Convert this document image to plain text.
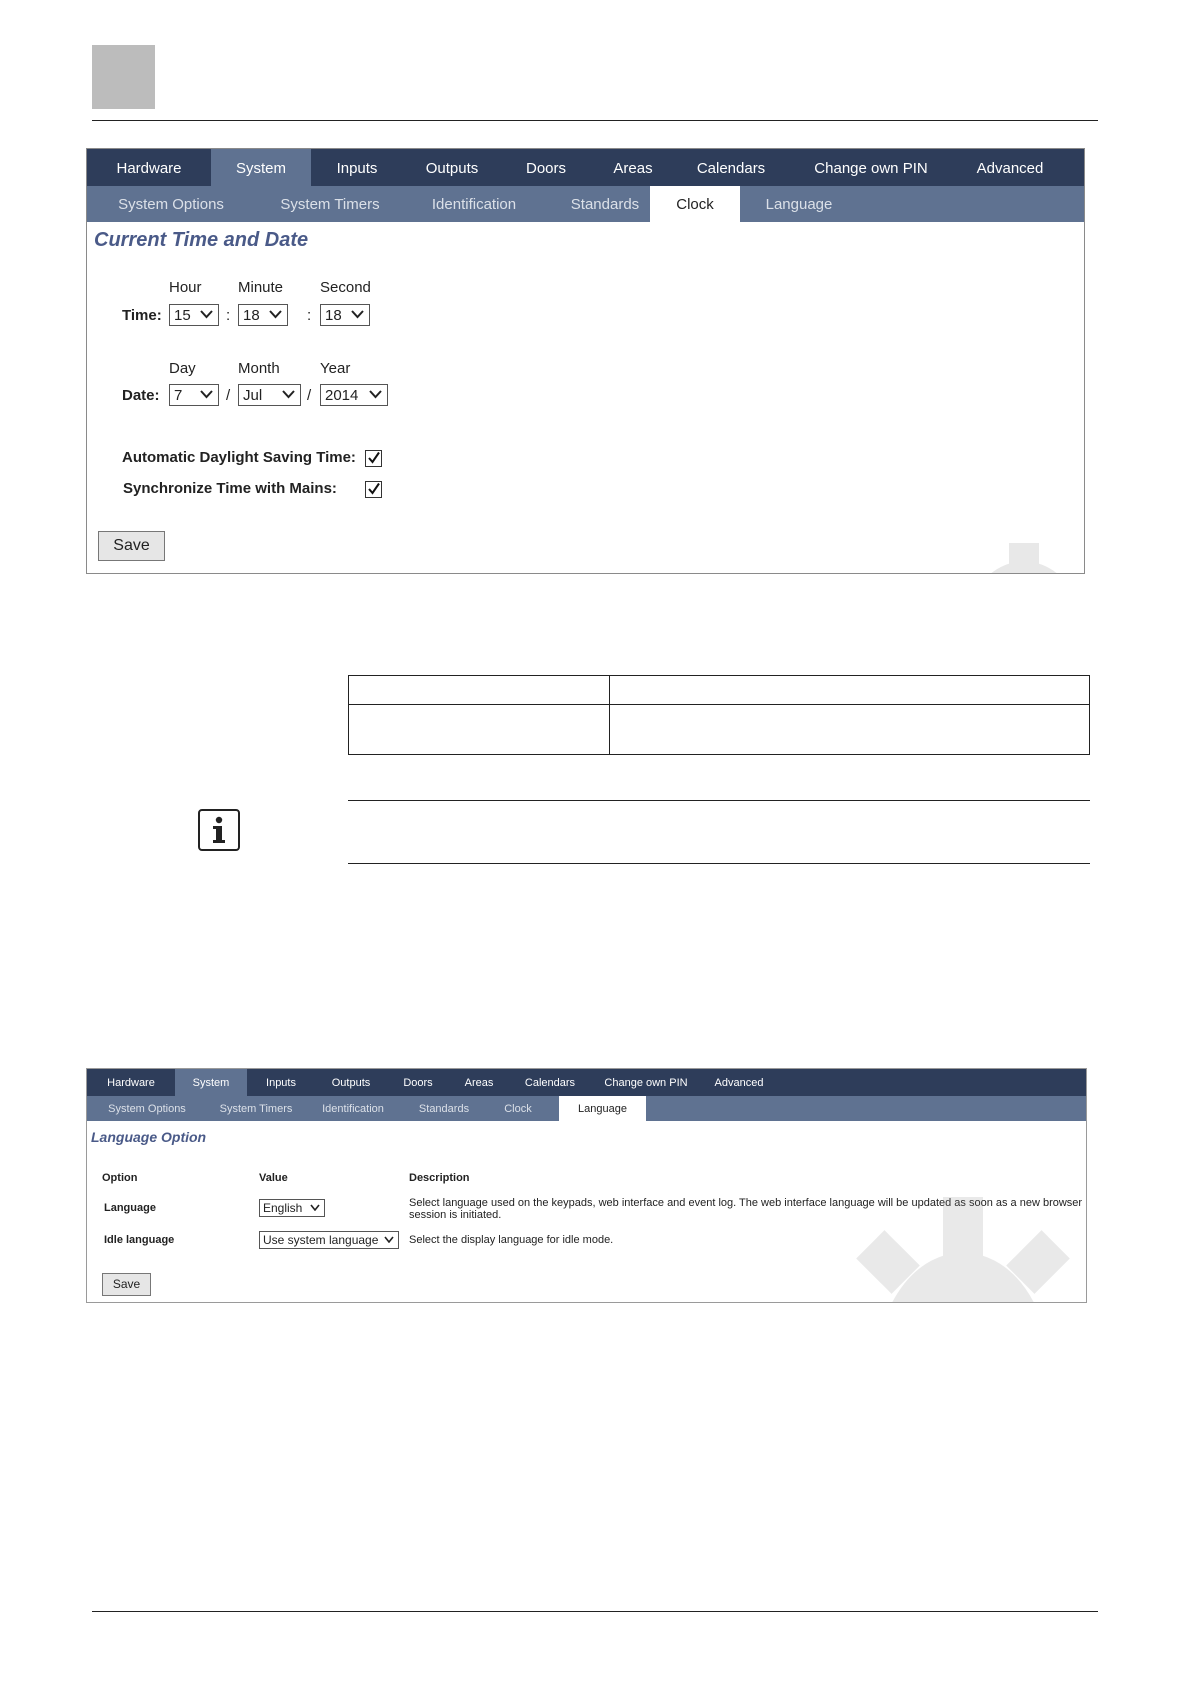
Hardware	System	Inputs	Outputs	Doors	Areas	Calendars	Change own PIN	Advanced
System Options	System Timers	Identification	Standards	Clock	Language
Current Time and Date
Hour Minute Second
Time: 15	: 18	: 18
Day	Month	Year
Date: 7	/ Jul	/ 2014
Automatic Daylight Saving Time:
Synchronize Time with Mains:
Save
Hardware	System	Inputs	Outputs	Doors	Areas	Calendars	Change own PIN	Advanced
System Options	System Timers	Identification	Standards	Clock	Language
Language Option
Option	Value	Description
Language	English	Select language used on the keypads, web interface and event log. The web interface language will be updated as soon as a new browser
session is initiated.
Idle language	Use system language	Select the display language for idle mode.
Save
